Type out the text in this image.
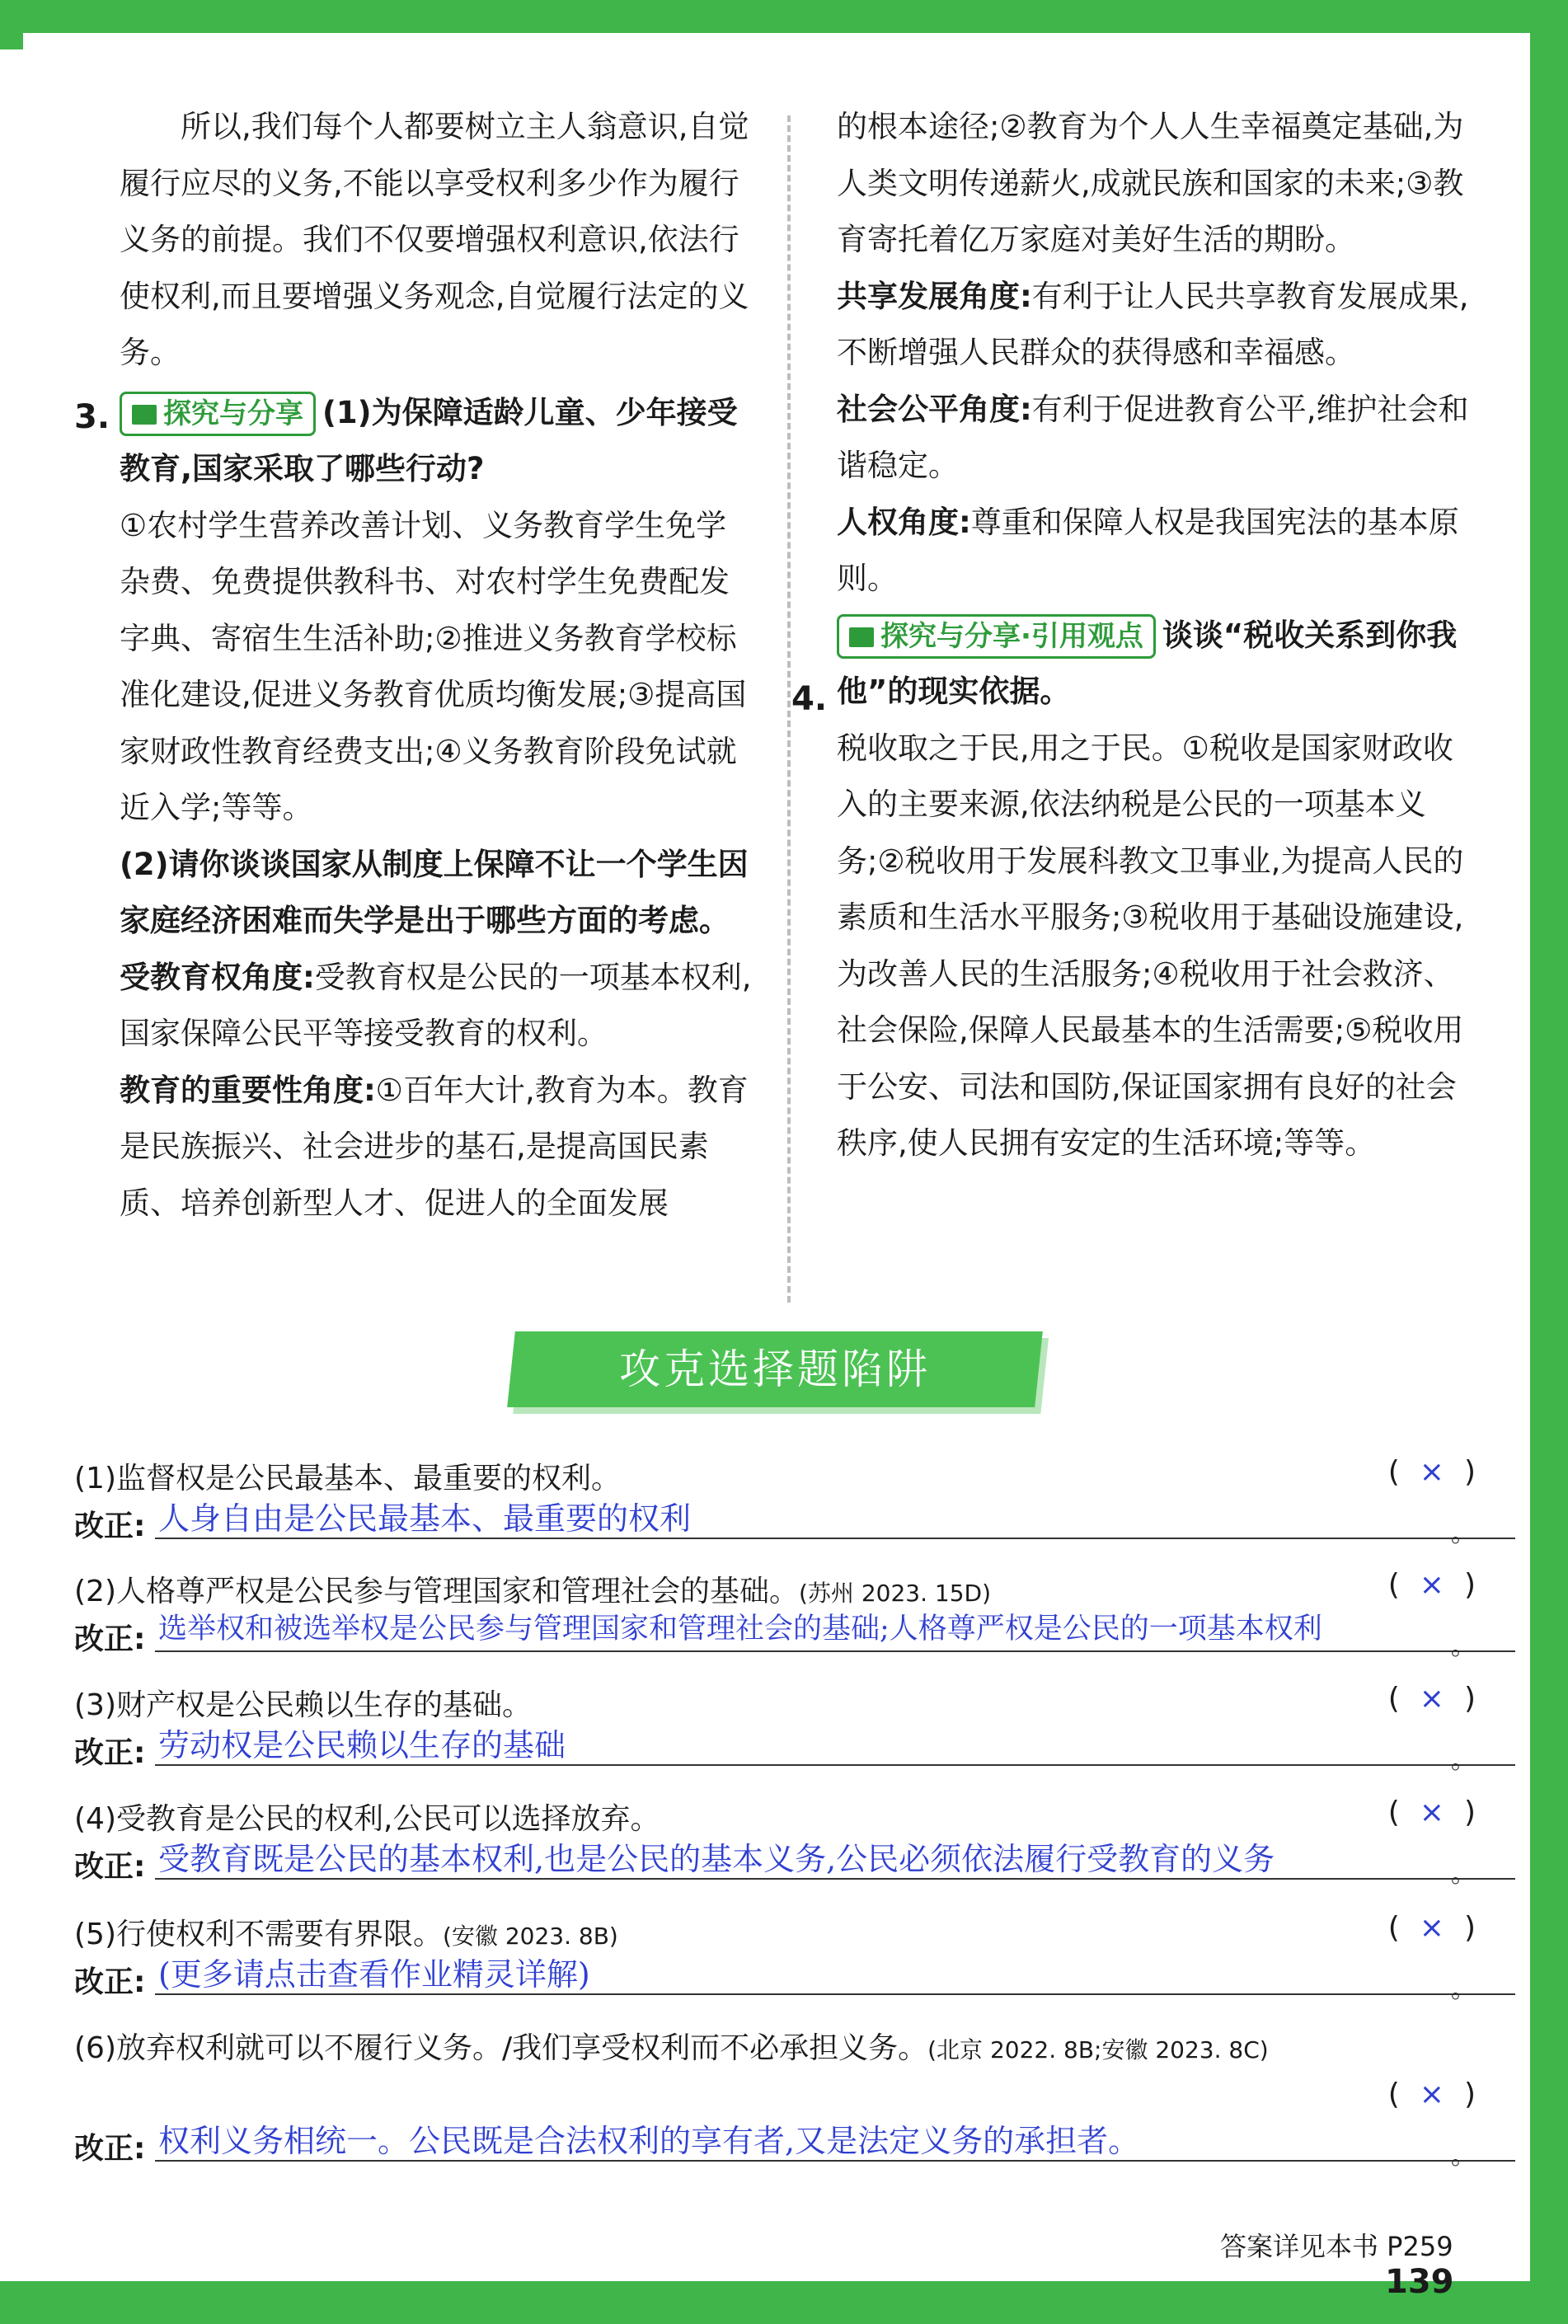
所以,我们每个人都要树立主人翁意识,自觉履行应尽的义务,不能以享受权利多少作为履行义务的前提。我们不仅要增强权利意识,依法行使权利,而且要增强义务观念,自觉履行法定的义务。

探究与分享 (1)为保障适龄儿童、少年接受教育,国家采取了哪些行动?

①农村学生营养改善计划、义务教育学生免学杂费、免费提供教科书、对农村学生免费配发字典、寄宿生生活补助;②推进义务教育学校标准化建设,促进义务教育优质均衡发展;③提高国家财政性教育经费支出;④义务教育阶段免试就近入学;等等。

(2)请你谈谈国家从制度上保障不让一个学生因家庭经济困难而失学是出于哪些方面的考虑。

受教育权角度:受教育权是公民的一项基本权利,国家保障公民平等接受教育的权利。

教育的重要性角度:①百年大计,教育为本。教育是民族振兴、社会进步的基石,是提高国民素质、培养创新型人才、促进人的全面发展

3.

的根本途径;②教育为个人人生幸福奠定基础,为人类文明传递薪火,成就民族和国家的未来;③教育寄托着亿万家庭对美好生活的期盼。

共享发展角度:有利于让人民共享教育发展成果,不断增强人民群众的获得感和幸福感。

社会公平角度:有利于促进教育公平,维护社会和谐稳定。

人权角度:尊重和保障人权是我国宪法的基本原则。

探究与分享·引用观点 谈谈“税收关系到你我他”的现实依据。

税收取之于民,用之于民。①税收是国家财政收入的主要来源,依法纳税是公民的一项基本义务;②税收用于发展科教文卫事业,为提高人民的素质和生活水平服务;③税收用于基础设施建设,为改善人民的生活服务;④税收用于社会救济、社会保险,保障人民最基本的生活需要;⑤税收用于公安、司法和国防,保证国家拥有良好的社会秩序,使人民拥有安定的生活环境;等等。

4.
攻克选择题陷阱
(1)监督权是公民最基本、最重要的权利。	( × )
改正: 人身自由是公民最基本、最重要的权利	。
(2)人格尊严权是公民参与管理国家和管理社会的基础。(苏州 2023. 15D)	( × )
改正: 选举权和被选举权是公民参与管理国家和管理社会的基础;人格尊严权是公民的一项基本权利
。
(3)财产权是公民赖以生存的基础。	( × )
改正: 劳动权是公民赖以生存的基础	。
(4)受教育是公民的权利,公民可以选择放弃。	( × )
改正: 受教育既是公民的基本权利,也是公民的基本义务,公民必须依法履行受教育的义务	。
(5)行使权利不需要有界限。(安徽 2023. 8B)	( × )
改正: (更多请点击查看作业精灵详解)	。
(6)放弃权利就可以不履行义务。/我们享受权利而不必承担义务。(北京 2022. 8B;安徽 2023. 8C)
( × )
改正: 权利义务相统一。公民既是合法权利的享有者,又是法定义务的承担者。	。
答案详见本书 P259
139
